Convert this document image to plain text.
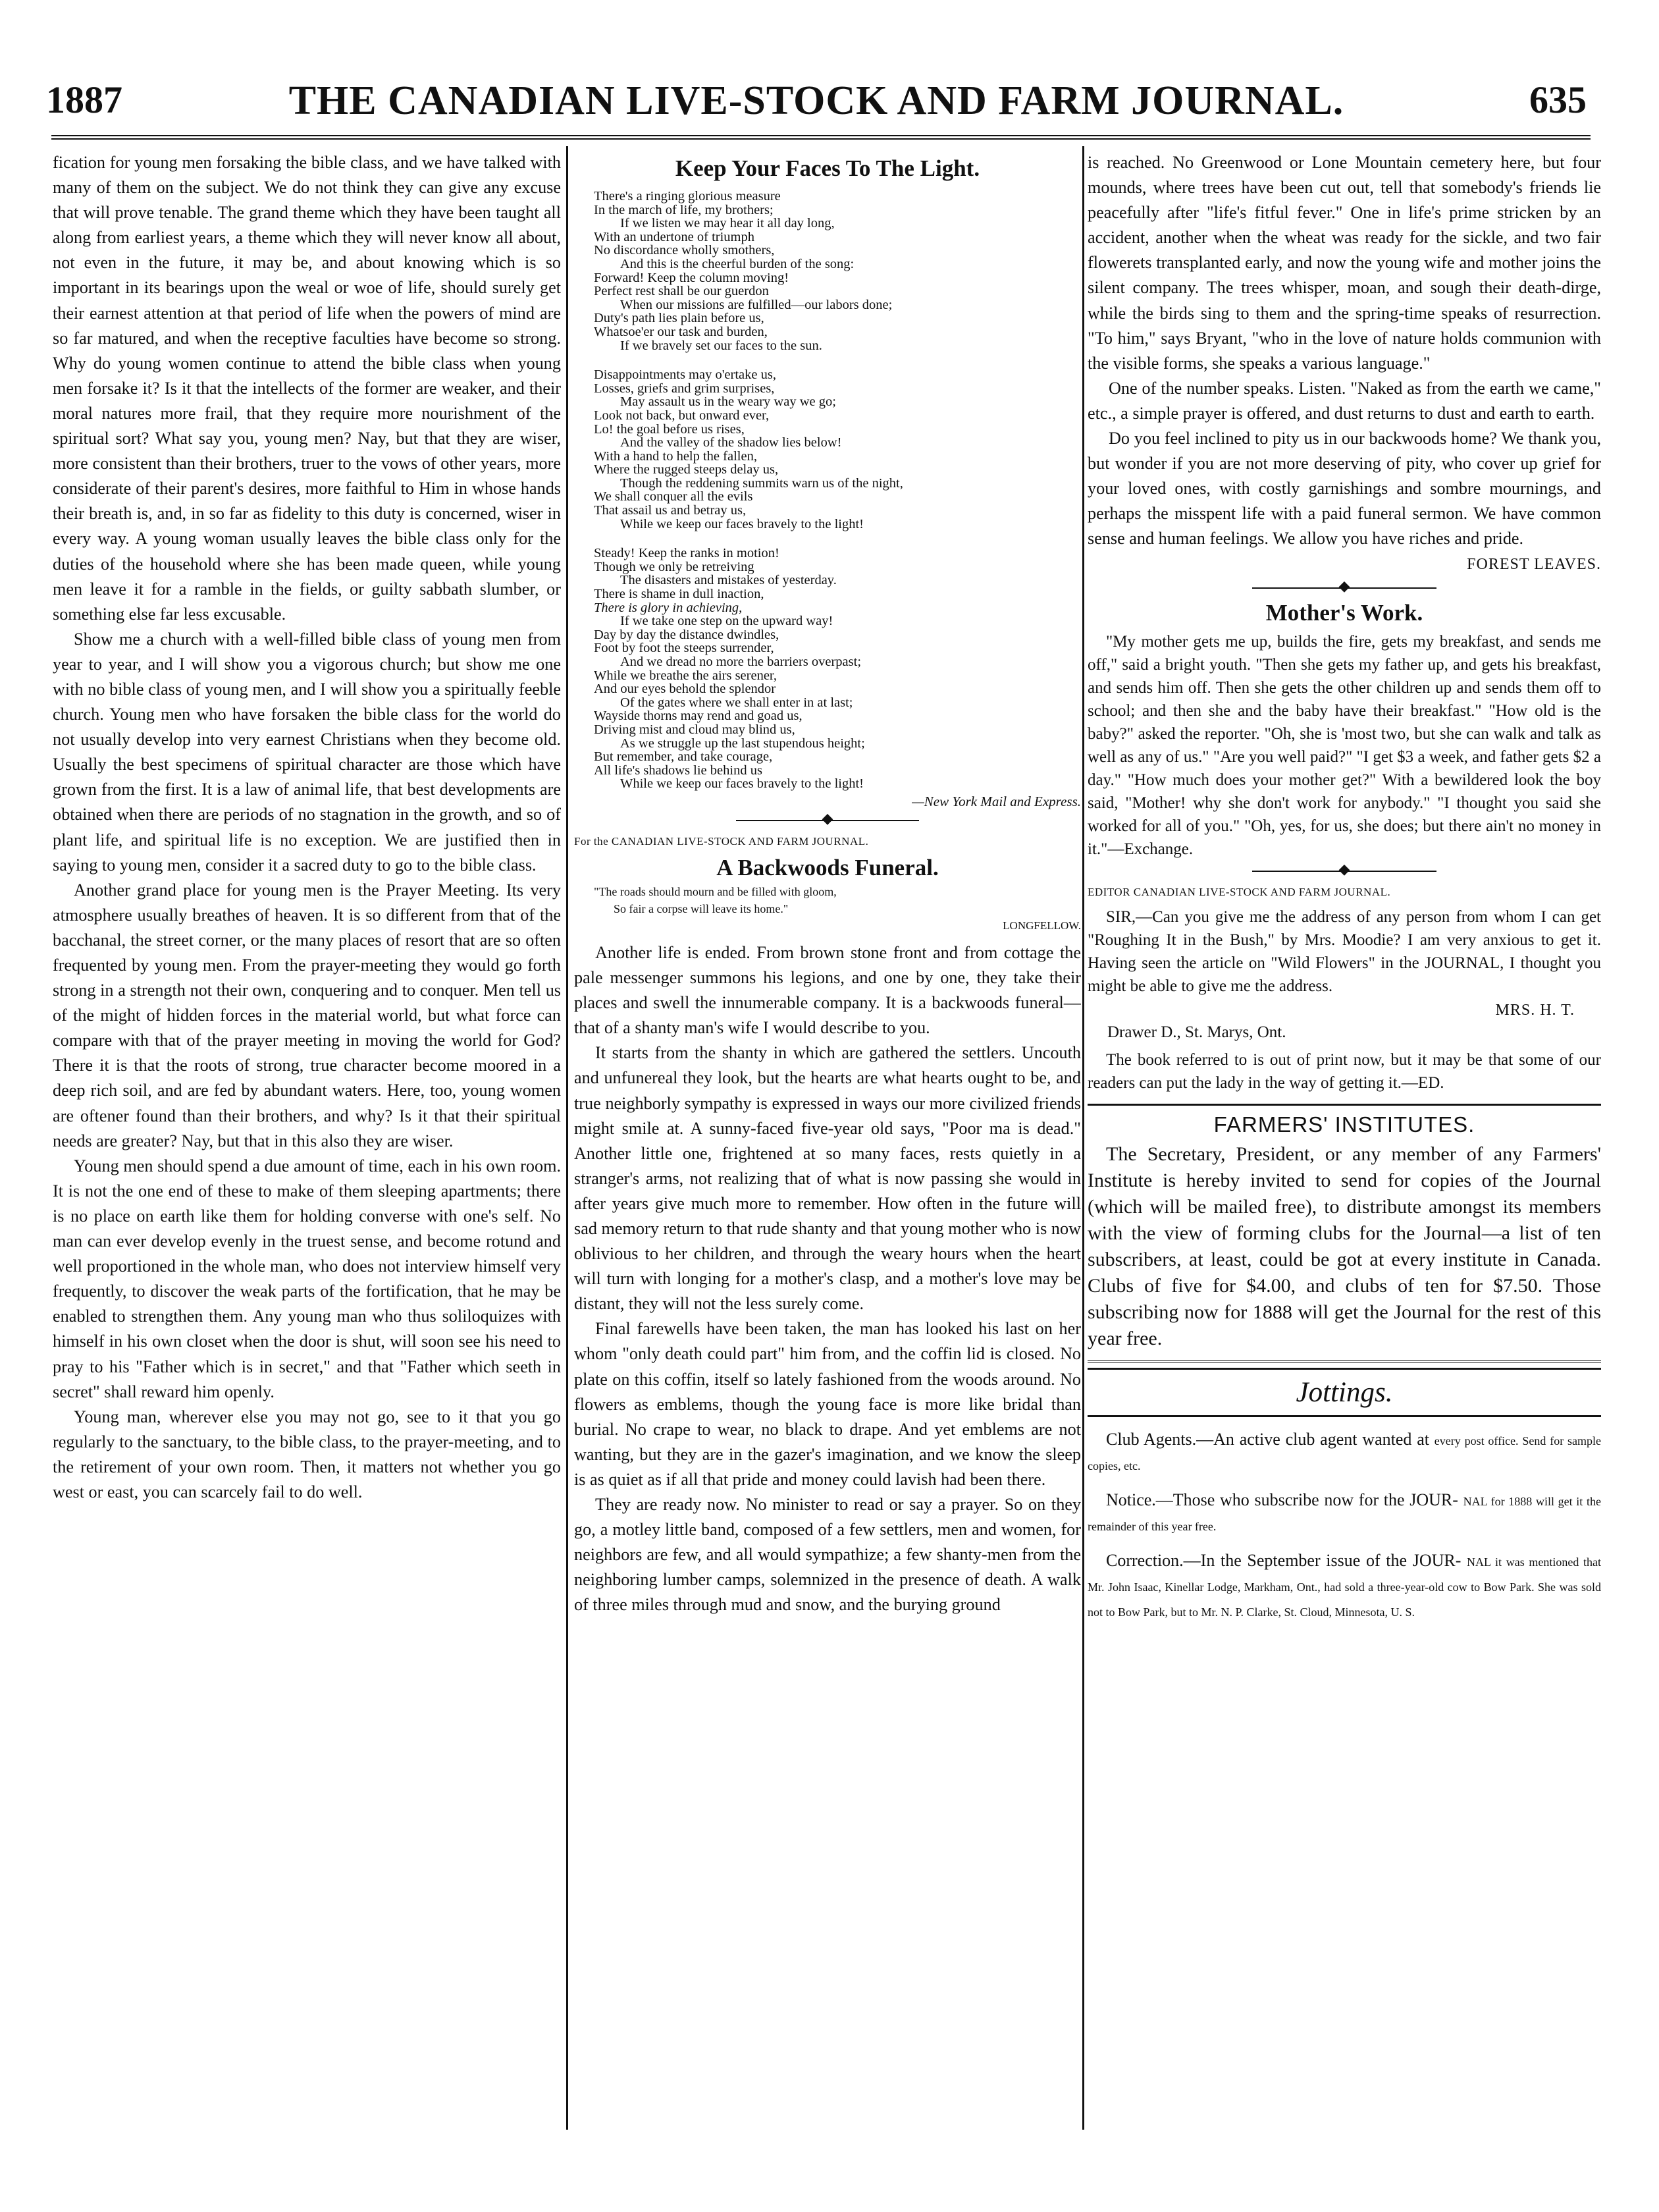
1887	THE CANADIAN LIVE-STOCK AND FARM JOURNAL.	635

fication for young men forsaking the bible class, and we have talked with many of them on the subject. We do not think they can give any excuse that will prove tenable. The grand theme which they have been taught all along from earliest years, a theme which they will never know all about, not even in the future, it may be, and about knowing which is so important in its bearings upon the weal or woe of life, should surely get their earnest attention at that period of life when the powers of mind are so far matured, and when the receptive faculties have become so strong. Why do young women continue to attend the bible class when young men forsake it? Is it that the intellects of the former are weaker, and their moral natures more frail, that they require more nourishment of the spiritual sort? What say you, young men? Nay, but that they are wiser, more consistent than their brothers, truer to the vows of other years, more considerate of their parent's desires, more faithful to Him in whose hands their breath is, and, in so far as fidelity to this duty is concerned, wiser in every way. A young woman usually leaves the bible class only for the duties of the household where she has been made queen, while young men leave it for a ramble in the fields, or guilty sabbath slumber, or something else far less excusable.

Show me a church with a well-filled bible class of young men from year to year, and I will show you a vigorous church; but show me one with no bible class of young men, and I will show you a spiritually feeble church. Young men who have forsaken the bible class for the world do not usually develop into very earnest Christians when they become old. Usually the best specimens of spiritual character are those which have grown from the first. It is a law of animal life, that best developments are obtained when there are periods of no stagnation in the growth, and so of plant life, and spiritual life is no exception. We are justified then in saying to young men, consider it a sacred duty to go to the bible class.

Another grand place for young men is the Prayer Meeting. Its very atmosphere usually breathes of heaven. It is so different from that of the bacchanal, the street corner, or the many places of resort that are so often frequented by young men. From the prayer-meeting they would go forth strong in a strength not their own, conquering and to conquer. Men tell us of the might of hidden forces in the material world, but what force can compare with that of the prayer meeting in moving the world for God? There it is that the roots of strong, true character become moored in a deep rich soil, and are fed by abundant waters. Here, too, young women are oftener found than their brothers, and why? Is it that their spiritual needs are greater? Nay, but that in this also they are wiser.

Young men should spend a due amount of time, each in his own room. It is not the one end of these to make of them sleeping apartments; there is no place on earth like them for holding converse with one's self. No man can ever develop evenly in the truest sense, and become rotund and well proportioned in the whole man, who does not interview himself very frequently, to discover the weak parts of the fortification, that he may be enabled to strengthen them. Any young man who thus soliloquizes with himself in his own closet when the door is shut, will soon see his need to pray to his "Father which is in secret," and that "Father which seeth in secret" shall reward him openly.

Young man, wherever else you may not go, see to it that you go regularly to the sanctuary, to the bible class, to the prayer-meeting, and to the retirement of your own room. Then, it matters not whether you go west or east, you can scarcely fail to do well.

Keep Your Faces To The Light.
There's a ringing glorious measure
In the march of life, my brothers;
If we listen we may hear it all day long,
With an undertone of triumph
No discordance wholly smothers,
And this is the cheerful burden of the song:
Forward! Keep the column moving!
Perfect rest shall be our guerdon
When our missions are fulfilled—our labors done;
Duty's path lies plain before us,
Whatsoe'er our task and burden,
If we bravely set our faces to the sun.
Disappointments may o'ertake us,
Losses, griefs and grim surprises,
May assault us in the weary way we go;
Look not back, but onward ever,
Lo! the goal before us rises,
And the valley of the shadow lies below!
With a hand to help the fallen,
Where the rugged steeps delay us,
Though the reddening summits warn us of the night,
We shall conquer all the evils
That assail us and betray us,
While we keep our faces bravely to the light!
Steady! Keep the ranks in motion!
Though we only be retreiving
The disasters and mistakes of yesterday.
There is shame in dull inaction,
There is glory in achieving,
If we take one step on the upward way!
Day by day the distance dwindles,
Foot by foot the steeps surrender,
And we dread no more the barriers overpast;
While we breathe the airs serener,
And our eyes behold the splendor
Of the gates where we shall enter in at last;
Wayside thorns may rend and goad us,
Driving mist and cloud may blind us,
As we struggle up the last stupendous height;
But remember, and take courage,
All life's shadows lie behind us
While we keep our faces bravely to the light!
—New York Mail and Express.
◆
For the CANADIAN LIVE-STOCK AND FARM JOURNAL.
A Backwoods Funeral.
"The roads should mourn and be filled with gloom,
So fair a corpse will leave its home."
LONGFELLOW.

Another life is ended. From brown stone front and from cottage the pale messenger summons his legions, and one by one, they take their places and swell the innumerable company. It is a backwoods funeral—that of a shanty man's wife I would describe to you.

It starts from the shanty in which are gathered the settlers. Uncouth and unfunereal they look, but the hearts are what hearts ought to be, and true neighborly sympathy is expressed in ways our more civilized friends might smile at. A sunny-faced five-year old says, "Poor ma is dead." Another little one, frightened at so many faces, rests quietly in a stranger's arms, not realizing that of what is now passing she would in after years give much more to remember. How often in the future will sad memory return to that rude shanty and that young mother who is now oblivious to her children, and through the weary hours when the heart will turn with longing for a mother's clasp, and a mother's love may be distant, they will not the less surely come.

Final farewells have been taken, the man has looked his last on her whom "only death could part" him from, and the coffin lid is closed. No plate on this coffin, itself so lately fashioned from the woods around. No flowers as emblems, though the young face is more like bridal than burial. No crape to wear, no black to drape. And yet emblems are not wanting, but they are in the gazer's imagination, and we know the sleep is as quiet as if all that pride and money could lavish had been there.

They are ready now. No minister to read or say a prayer. So on they go, a motley little band, composed of a few settlers, men and women, for neighbors are few, and all would sympathize; a few shanty-men from the neighboring lumber camps, solemnized in the presence of death. A walk of three miles through mud and snow, and the burying ground

is reached. No Greenwood or Lone Mountain cemetery here, but four mounds, where trees have been cut out, tell that somebody's friends lie peacefully after "life's fitful fever." One in life's prime stricken by an accident, another when the wheat was ready for the sickle, and two fair flowerets transplanted early, and now the young wife and mother joins the silent company. The trees whisper, moan, and sough their death-dirge, while the birds sing to them and the spring-time speaks of resurrection. "To him," says Bryant, "who in the love of nature holds communion with the visible forms, she speaks a various language."

One of the number speaks. Listen. "Naked as from the earth we came," etc., a simple prayer is offered, and dust returns to dust and earth to earth.

Do you feel inclined to pity us in our backwoods home? We thank you, but wonder if you are not more deserving of pity, who cover up grief for your loved ones, with costly garnishings and sombre mournings, and perhaps the misspent life with a paid funeral sermon. We have common sense and human feelings. We allow you have riches and pride.

FOREST LEAVES.
◆
Mother's Work.

"My mother gets me up, builds the fire, gets my breakfast, and sends me off," said a bright youth. "Then she gets my father up, and gets his breakfast, and sends him off. Then she gets the other children up and sends them off to school; and then she and the baby have their breakfast." "How old is the baby?" asked the reporter. "Oh, she is 'most two, but she can walk and talk as well as any of us." "Are you well paid?" "I get $3 a week, and father gets $2 a day." "How much does your mother get?" With a bewildered look the boy said, "Mother! why she don't work for anybody." "I thought you said she worked for all of you." "Oh, yes, for us, she does; but there ain't no money in it."—Exchange.

◆
EDITOR CANADIAN LIVE-STOCK AND FARM JOURNAL.

SIR,—Can you give me the address of any person from whom I can get "Roughing It in the Bush," by Mrs. Moodie? I am very anxious to get it. Having seen the article on "Wild Flowers" in the JOURNAL, I thought you might be able to give me the address.

MRS. H. T.
Drawer D., St. Marys, Ont.

The book referred to is out of print now, but it may be that some of our readers can put the lady in the way of getting it.—ED.

FARMERS' INSTITUTES.

The Secretary, President, or any member of any Farmers' Institute is hereby invited to send for copies of the Journal (which will be mailed free), to distribute amongst its members with the view of forming clubs for the Journal—a list of ten subscribers, at least, could be got at every institute in Canada. Clubs of five for $4.00, and clubs of ten for $7.50. Those subscribing now for 1888 will get the Journal for the rest of this year free.

Jottings.
Club Agents.—An active club agent wanted at every post office. Send for sample copies, etc.
Notice.—Those who subscribe now for the JOUR- NAL for 1888 will get it the remainder of this year free.
Correction.—In the September issue of the JOUR- NAL it was mentioned that Mr. John Isaac, Kinellar Lodge, Markham, Ont., had sold a three-year-old cow to Bow Park. She was sold not to Bow Park, but to Mr. N. P. Clarke, St. Cloud, Minnesota, U. S.
